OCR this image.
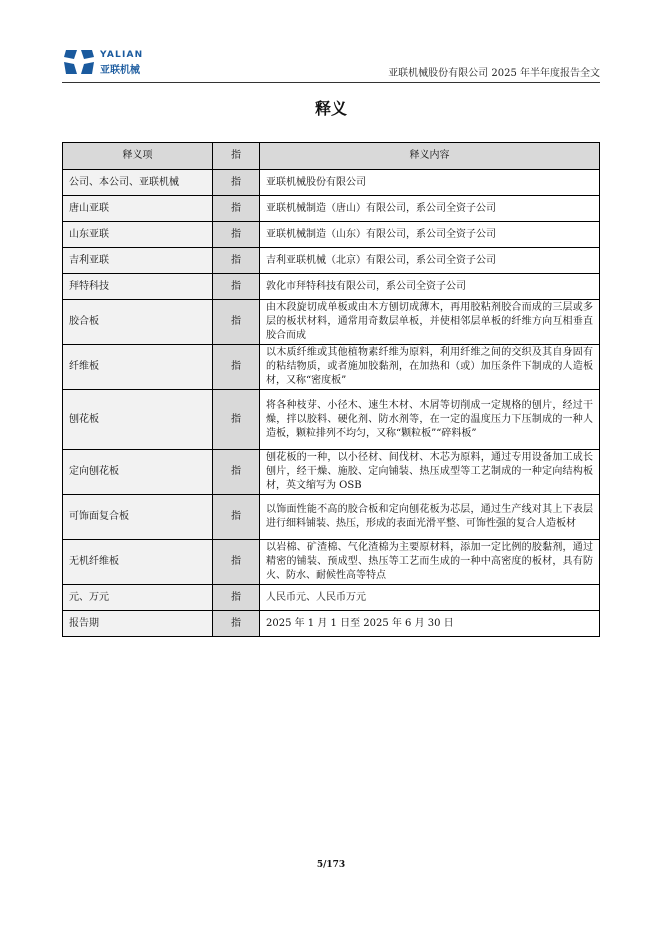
YALIAN
亚联机械	亚联机械股份有限公司 2025 年半年度报告全文
释义
释义项	指	释义内容
公司、本公司、亚联机械	指	亚联机械股份有限公司
唐山亚联	指	亚联机械制造（唐山）有限公司，系公司全资子公司
山东亚联	指	亚联机械制造（山东）有限公司，系公司全资子公司
吉利亚联	指	吉利亚联机械（北京）有限公司，系公司全资子公司
拜特科技	指	敦化市拜特科技有限公司，系公司全资子公司
胶合板	指	由木段旋切成单板或由木方刨切成薄木，再用胶粘剂胶合而成的三层或多层的板状材料，通常用奇数层单板，并使相邻层单板的纤维方向互相垂直胶合而成
纤维板	指	以木质纤维或其他植物素纤维为原料，利用纤维之间的交织及其自身固有的粘结物质，或者施加胶黏剂，在加热和（或）加压条件下制成的人造板材，又称“密度板”
刨花板	指	将各种枝芽、小径木、速生木材、木屑等切削成一定规格的刨片，经过干燥，拌以胶料、硬化剂、防水剂等，在一定的温度压力下压制成的一种人造板，颗粒排列不均匀，又称“颗粒板”“碎料板”
定向刨花板	指	刨花板的一种，以小径材、间伐材、木芯为原料，通过专用设备加工成长刨片，经干燥、施胶、定向铺装、热压成型等工艺制成的一种定向结构板材，英文缩写为 OSB
可饰面复合板	指	以饰面性能不高的胶合板和定向刨花板为芯层，通过生产线对其上下表层进行细料铺装、热压，形成的表面光滑平整、可饰性强的复合人造板材
无机纤维板	指	以岩棉、矿渣棉、气化渣棉为主要原材料，添加一定比例的胶黏剂，通过精密的铺装、预成型、热压等工艺而生成的一种中高密度的板材，具有防火、防水、耐候性高等特点
元、万元	指	人民币元、人民币万元
报告期	指	2025 年 1 月 1 日至 2025 年 6 月 30 日
5/173
